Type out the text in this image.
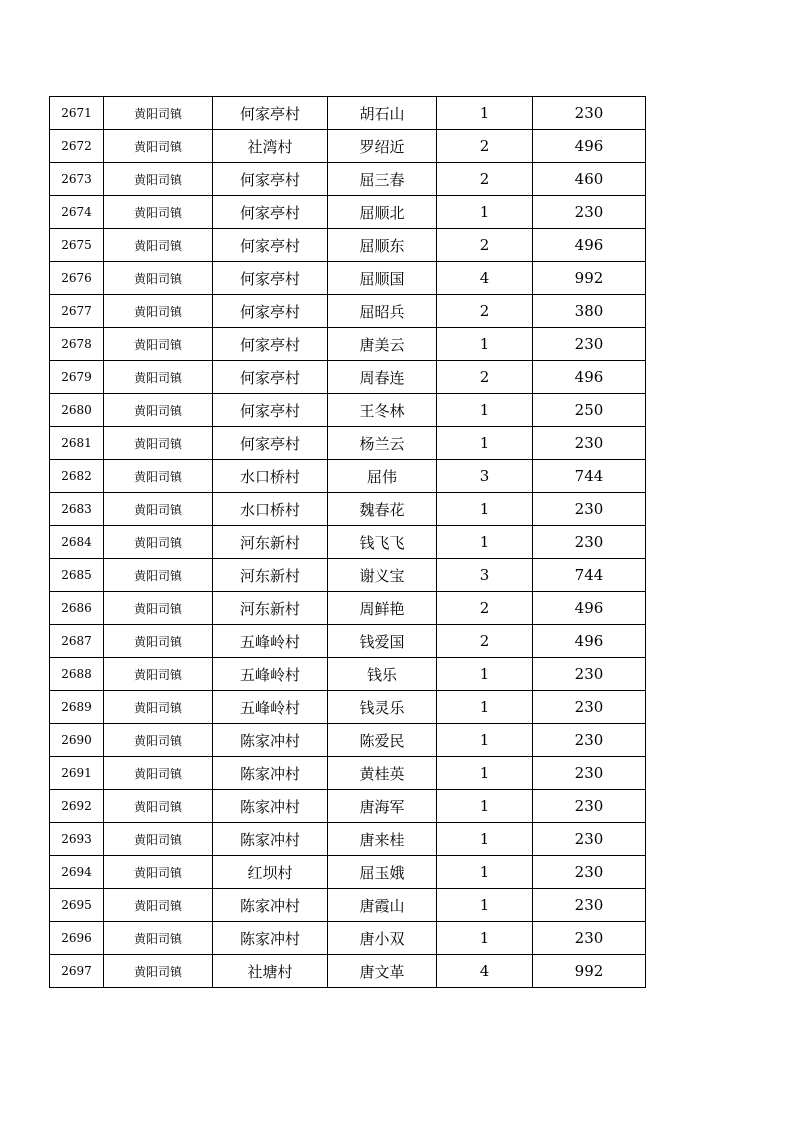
2671	黄阳司镇	何家亭村	胡石山	1	230
2672	黄阳司镇	社湾村	罗绍近	2	496
2673	黄阳司镇	何家亭村	屈三春	2	460
2674	黄阳司镇	何家亭村	屈顺北	1	230
2675	黄阳司镇	何家亭村	屈顺东	2	496
2676	黄阳司镇	何家亭村	屈顺国	4	992
2677	黄阳司镇	何家亭村	屈昭兵	2	380
2678	黄阳司镇	何家亭村	唐美云	1	230
2679	黄阳司镇	何家亭村	周春连	2	496
2680	黄阳司镇	何家亭村	王冬林	1	250
2681	黄阳司镇	何家亭村	杨兰云	1	230
2682	黄阳司镇	水口桥村	屈伟	3	744
2683	黄阳司镇	水口桥村	魏春花	1	230
2684	黄阳司镇	河东新村	钱飞飞	1	230
2685	黄阳司镇	河东新村	谢义宝	3	744
2686	黄阳司镇	河东新村	周鲜艳	2	496
2687	黄阳司镇	五峰岭村	钱爱国	2	496
2688	黄阳司镇	五峰岭村	钱乐	1	230
2689	黄阳司镇	五峰岭村	钱灵乐	1	230
2690	黄阳司镇	陈家冲村	陈爱民	1	230
2691	黄阳司镇	陈家冲村	黄桂英	1	230
2692	黄阳司镇	陈家冲村	唐海军	1	230
2693	黄阳司镇	陈家冲村	唐来桂	1	230
2694	黄阳司镇	红坝村	屈玉娥	1	230
2695	黄阳司镇	陈家冲村	唐霞山	1	230
2696	黄阳司镇	陈家冲村	唐小双	1	230
2697	黄阳司镇	社塘村	唐文革	4	992
